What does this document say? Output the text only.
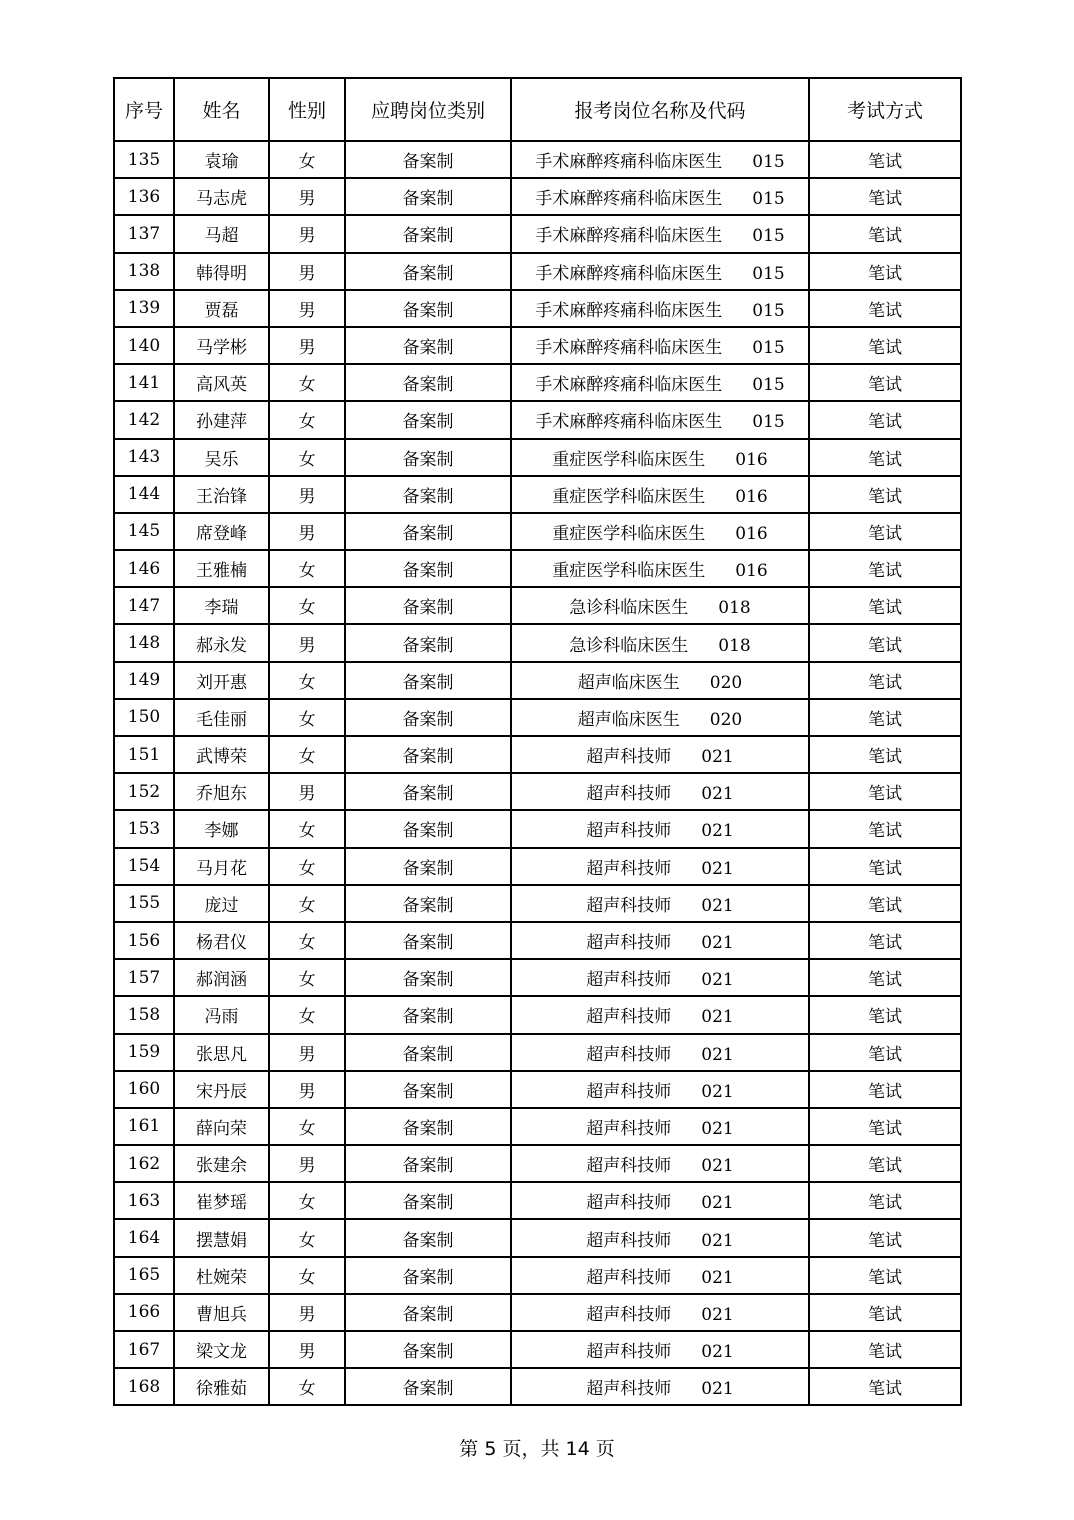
序号	姓名	性别	应聘岗位类别	报考岗位名称及代码	考试方式
135	袁瑜	女	备案制	手术麻醉疼痛科临床医生 015	笔试
136	马志虎	男	备案制	手术麻醉疼痛科临床医生 015	笔试
137	马超	男	备案制	手术麻醉疼痛科临床医生 015	笔试
138	韩得明	男	备案制	手术麻醉疼痛科临床医生 015	笔试
139	贾磊	男	备案制	手术麻醉疼痛科临床医生 015	笔试
140	马学彬	男	备案制	手术麻醉疼痛科临床医生 015	笔试
141	高风英	女	备案制	手术麻醉疼痛科临床医生 015	笔试
142	孙建萍	女	备案制	手术麻醉疼痛科临床医生 015	笔试
143	吴乐	女	备案制	重症医学科临床医生 016	笔试
144	王治锋	男	备案制	重症医学科临床医生 016	笔试
145	席登峰	男	备案制	重症医学科临床医生 016	笔试
146	王雅楠	女	备案制	重症医学科临床医生 016	笔试
147	李瑞	女	备案制	急诊科临床医生 018	笔试
148	郝永发	男	备案制	急诊科临床医生 018	笔试
149	刘开惠	女	备案制	超声临床医生 020	笔试
150	毛佳丽	女	备案制	超声临床医生 020	笔试
151	武博荣	女	备案制	超声科技师 021	笔试
152	乔旭东	男	备案制	超声科技师 021	笔试
153	李娜	女	备案制	超声科技师 021	笔试
154	马月花	女	备案制	超声科技师 021	笔试
155	庞过	女	备案制	超声科技师 021	笔试
156	杨君仪	女	备案制	超声科技师 021	笔试
157	郝润涵	女	备案制	超声科技师 021	笔试
158	冯雨	女	备案制	超声科技师 021	笔试
159	张思凡	男	备案制	超声科技师 021	笔试
160	宋丹辰	男	备案制	超声科技师 021	笔试
161	薛向荣	女	备案制	超声科技师 021	笔试
162	张建余	男	备案制	超声科技师 021	笔试
163	崔梦瑶	女	备案制	超声科技师 021	笔试
164	摆慧娟	女	备案制	超声科技师 021	笔试
165	杜婉荣	女	备案制	超声科技师 021	笔试
166	曹旭兵	男	备案制	超声科技师 021	笔试
167	梁文龙	男	备案制	超声科技师 021	笔试
168	徐雅茹	女	备案制	超声科技师 021	笔试
第 5 页，共 14 页
